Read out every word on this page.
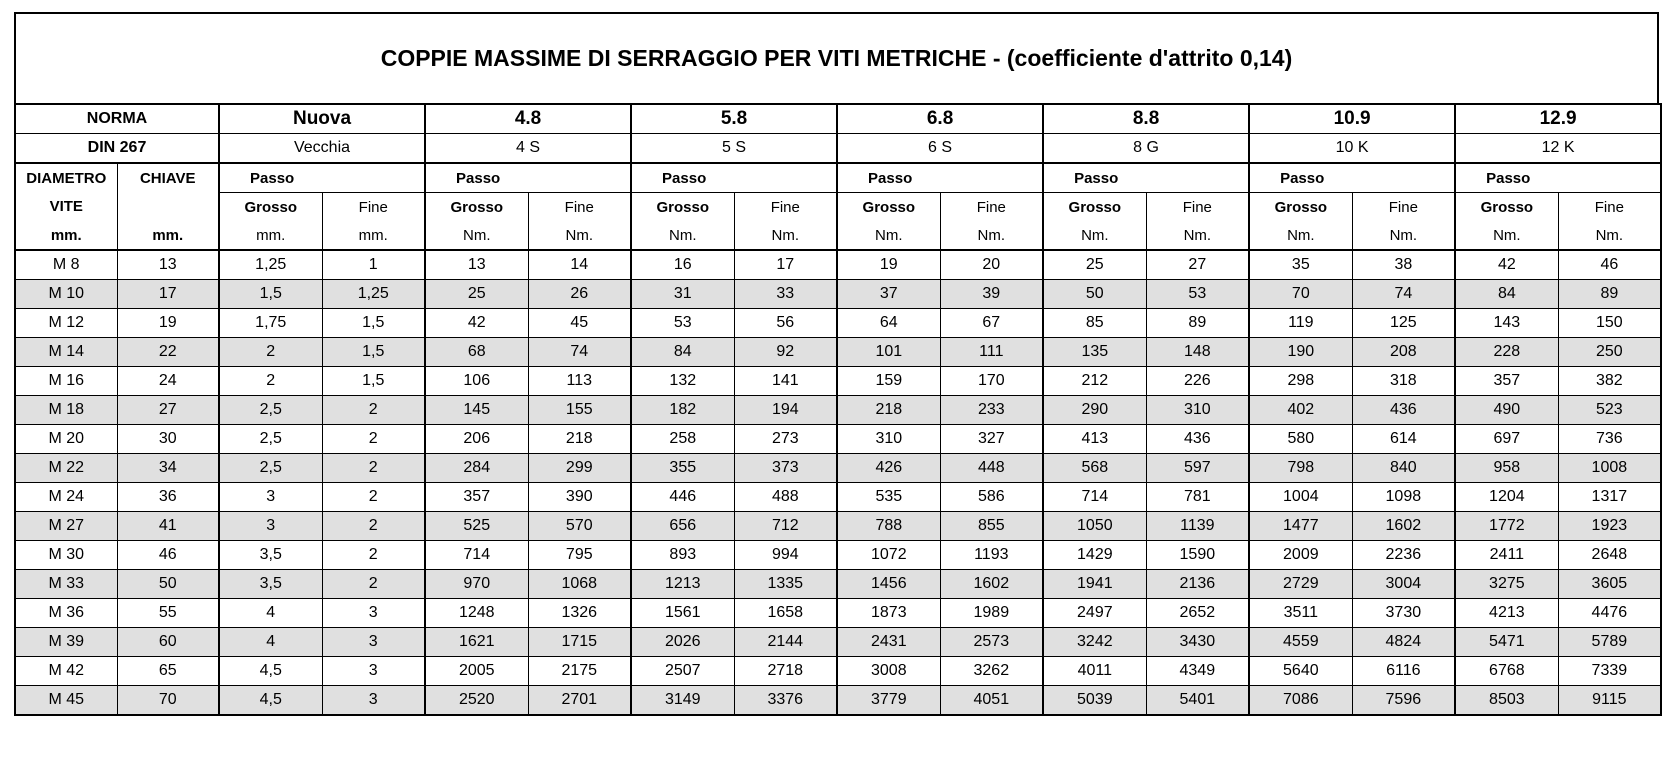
COPPIE MASSIME DI SERRAGGIO PER VITI METRICHE - (coefficiente d'attrito 0,14)
NORMA		Nuova		4.8		5.8		6.8		8.8		10.9		12.9	
DIN 267		Vecchia		4 S		5 S		6 S		8 G		10 K		12 K	
DIAMETRO	CHIAVE	Passo		Passo		Passo		Passo		Passo		Passo		Passo	
VITE		Grosso	Fine	Grosso	Fine	Grosso	Fine	Grosso	Fine	Grosso	Fine	Grosso	Fine	Grosso	Fine
mm.	mm.	mm.	mm.	Nm.	Nm.	Nm.	Nm.	Nm.	Nm.	Nm.	Nm.	Nm.	Nm.	Nm.	Nm.
M 8	13	1,25	1	13	14	16	17	19	20	25	27	35	38	42	46
M 10	17	1,5	1,25	25	26	31	33	37	39	50	53	70	74	84	89
M 12	19	1,75	1,5	42	45	53	56	64	67	85	89	119	125	143	150
M 14	22	2	1,5	68	74	84	92	101	111	135	148	190	208	228	250
M 16	24	2	1,5	106	113	132	141	159	170	212	226	298	318	357	382
M 18	27	2,5	2	145	155	182	194	218	233	290	310	402	436	490	523
M 20	30	2,5	2	206	218	258	273	310	327	413	436	580	614	697	736
M 22	34	2,5	2	284	299	355	373	426	448	568	597	798	840	958	1008
M 24	36	3	2	357	390	446	488	535	586	714	781	1004	1098	1204	1317
M 27	41	3	2	525	570	656	712	788	855	1050	1139	1477	1602	1772	1923
M 30	46	3,5	2	714	795	893	994	1072	1193	1429	1590	2009	2236	2411	2648
M 33	50	3,5	2	970	1068	1213	1335	1456	1602	1941	2136	2729	3004	3275	3605
M 36	55	4	3	1248	1326	1561	1658	1873	1989	2497	2652	3511	3730	4213	4476
M 39	60	4	3	1621	1715	2026	2144	2431	2573	3242	3430	4559	4824	5471	5789
M 42	65	4,5	3	2005	2175	2507	2718	3008	3262	4011	4349	5640	6116	6768	7339
M 45	70	4,5	3	2520	2701	3149	3376	3779	4051	5039	5401	7086	7596	8503	9115
